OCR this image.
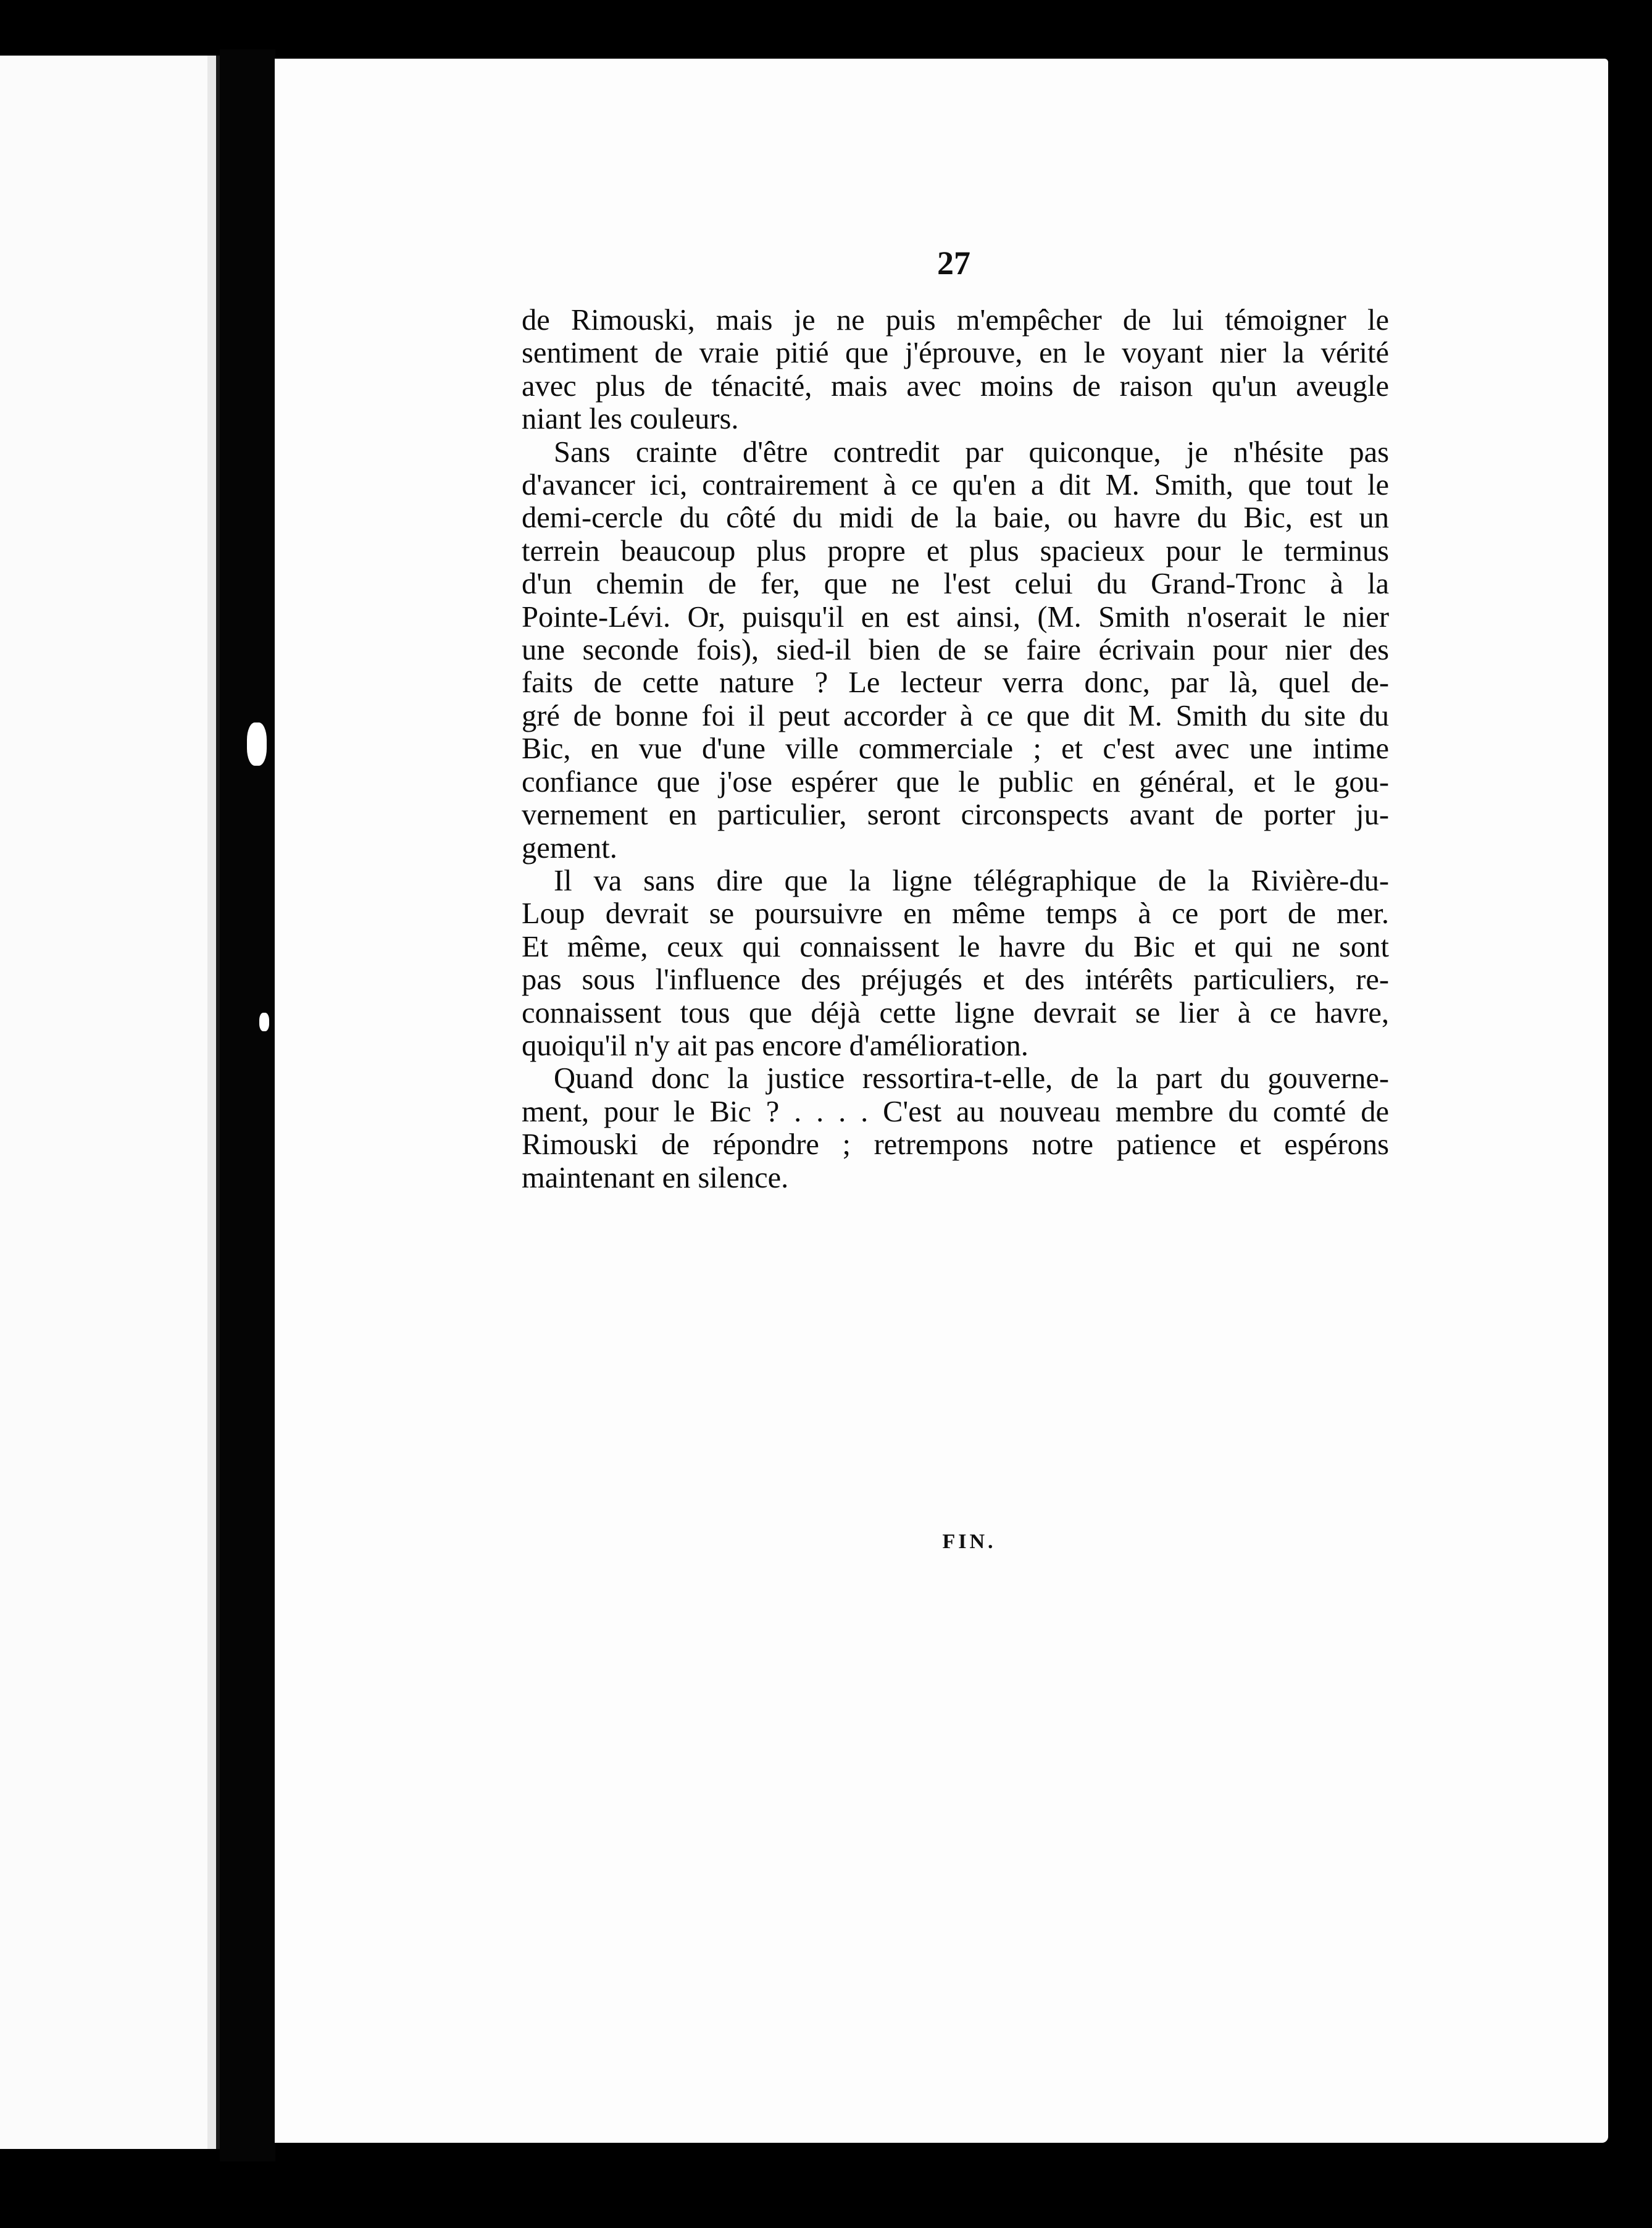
27

de Rimouski, mais je ne puis m'empêcher de lui témoigner le
sentiment de vraie pitié que j'éprouve, en le voyant nier la vérité
avec plus de ténacité, mais avec moins de raison qu'un aveugle
niant les couleurs.

Sans crainte d'être contredit par quiconque, je n'hésite pas
d'avancer ici, contrairement à ce qu'en a dit M. Smith, que tout le
demi-cercle du côté du midi de la baie, ou havre du Bic, est un
terrein beaucoup plus propre et plus spacieux pour le terminus
d'un chemin de fer, que ne l'est celui du Grand-Tronc à la
Pointe-Lévi. Or, puisqu'il en est ainsi, (M. Smith n'oserait le nier
une seconde fois), sied-il bien de se faire écrivain pour nier des
faits de cette nature ? Le lecteur verra donc, par là, quel de-
gré de bonne foi il peut accorder à ce que dit M. Smith du site du
Bic, en vue d'une ville commerciale ; et c'est avec une intime
confiance que j'ose espérer que le public en général, et le gou-
vernement en particulier, seront circonspects avant de porter ju-
gement.

Il va sans dire que la ligne télégraphique de la Rivière-du-
Loup devrait se poursuivre en même temps à ce port de mer.
Et même, ceux qui connaissent le havre du Bic et qui ne sont
pas sous l'influence des préjugés et des intérêts particuliers, re-
connaissent tous que déjà cette ligne devrait se lier à ce havre,
quoiqu'il n'y ait pas encore d'amélioration.

Quand donc la justice ressortira-t-elle, de la part du gouverne-
ment, pour le Bic ? . . . . C'est au nouveau membre du comté de
Rimouski de répondre ; retrempons notre patience et espérons
maintenant en silence.

FIN.
